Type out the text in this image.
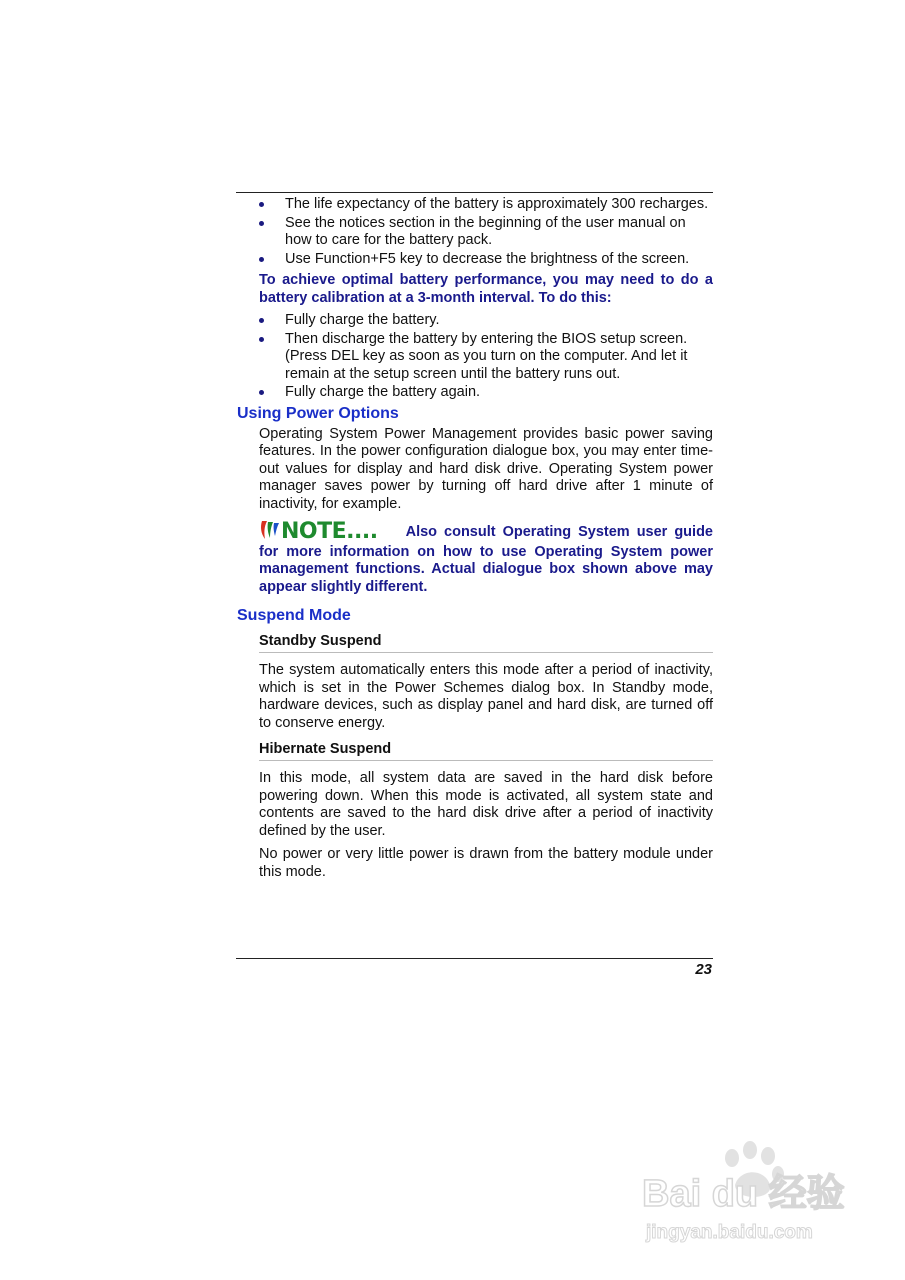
The life expectancy of the battery is approximately 300 recharges.
See the notices section in the beginning of the user manual on how to care for the battery pack.
Use Function+F5 key to decrease the brightness of the screen.
To achieve optimal battery performance, you may need to do a battery calibration at a 3-month interval. To do this:
Fully charge the battery.
Then discharge the battery by entering the BIOS setup screen. (Press DEL key as soon as you turn on the computer. And let it remain at the setup screen until the battery runs out.
Fully charge the battery again.
Using Power Options

Operating System Power Management provides basic power saving features. In the power configuration dialogue box, you may enter time-out values for display and hard disk drive. Operating System power manager saves power by turning off hard drive after 1 minute of inactivity, for example.

NOTE.... Also consult Operating System user guide for more information on how to use Operating System power management functions. Actual dialogue box shown above may appear slightly different.
Suspend Mode
Standby Suspend

The system automatically enters this mode after a period of inactivity, which is set in the Power Schemes dialog box. In Standby mode, hardware devices, such as display panel and hard disk, are turned off to conserve energy.

Hibernate Suspend

In this mode, all system data are saved in the hard disk before powering down. When this mode is activated, all system state and contents are saved to the hard disk drive after a period of inactivity defined by the user.

No power or very little power is drawn from the battery module under this mode.

23
Bai du 经验
jingyan.baidu.com
